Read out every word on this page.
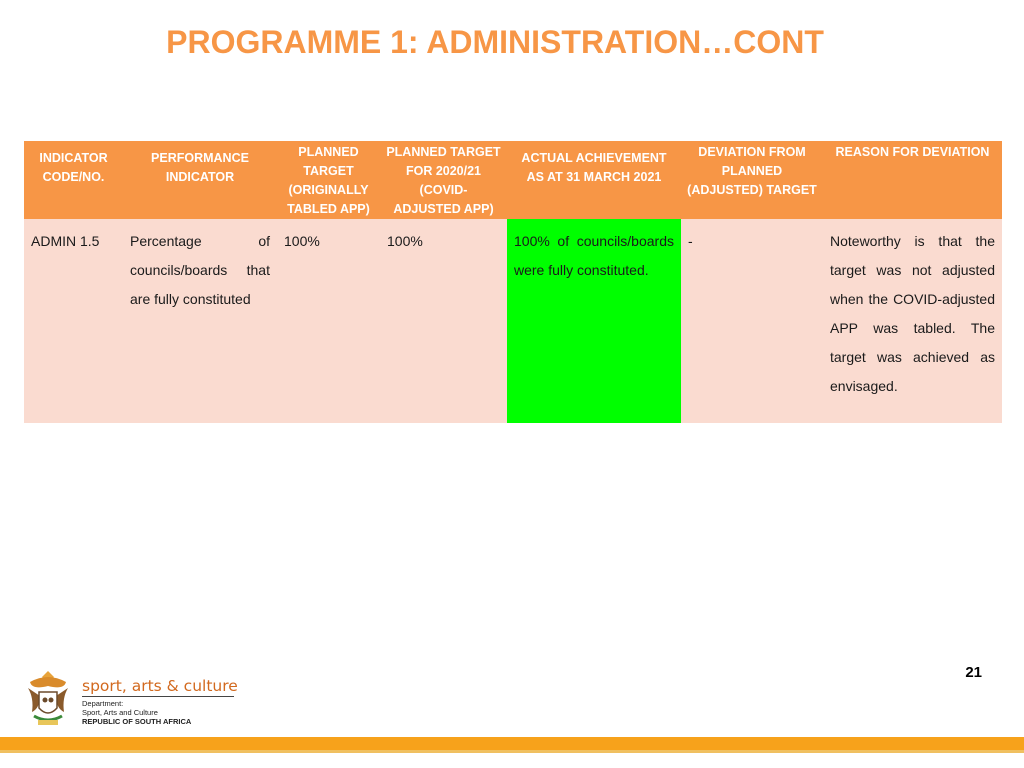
PROGRAMME 1: ADMINISTRATION…CONT
INDICATOR CODE/NO.	PERFORMANCE INDICATOR	PLANNED TARGET (ORIGINALLY TABLED APP)	PLANNED TARGET FOR 2020/21 (COVID-ADJUSTED APP)	ACTUAL ACHIEVEMENT AS AT 31 MARCH 2021	DEVIATION FROM PLANNED (ADJUSTED) TARGET	REASON FOR DEVIATION
ADMIN 1.5	Percentage of councils/boards that are fully constituted	100%	100%	100% of councils/boards were fully constituted.	-	Noteworthy is that the target was not adjusted when the COVID-adjusted APP was tabled. The target was achieved as envisaged.
21
sport, arts & culture
Department:
Sport, Arts and Culture
REPUBLIC OF SOUTH AFRICA
